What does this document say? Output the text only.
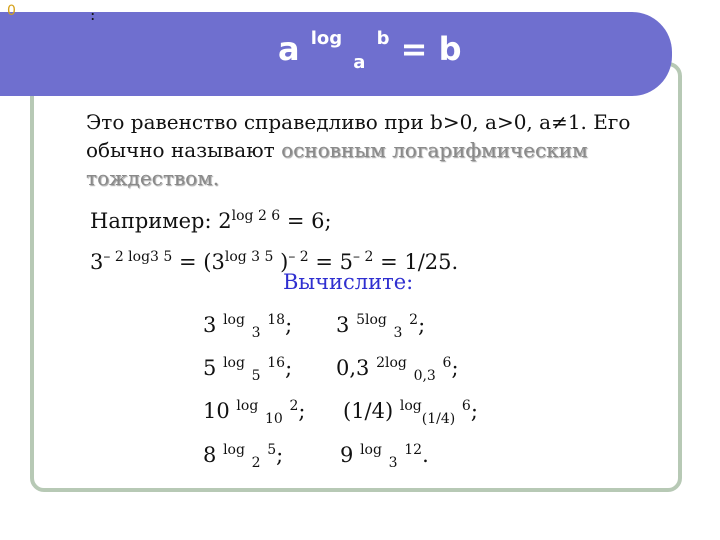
0	:
a $^{log}$ $_a$ $^b$ = b
Это равенство справедливо при b>0, a>0, a≠1. Его
обычно называют основным логарифмическим
тождеством.
Например: $2^{log 2 6} = 6$;
$3^{- 2 log3 5} = (3^{log 3 5}$ )$^{- 2} = 5^{- 2} = 1/25$.
Вычислите:
3 $^{log}$ $_3$ $^{18}$; 3 $^{5log}$ $_3$ $^2$;
5 $^{log}$ $_5$ $^{16}$; 0,3 $^{2log}$ $_{0,3}$ $^6$;
10 $^{log}$ $_{10}$ $^2$; (1/4) $^{log}_{(1/4)}$ $^6$;
8 $^{log}$ $_2$ $^5$;	9 $^{log}$ $_3$ $^{12}$.
